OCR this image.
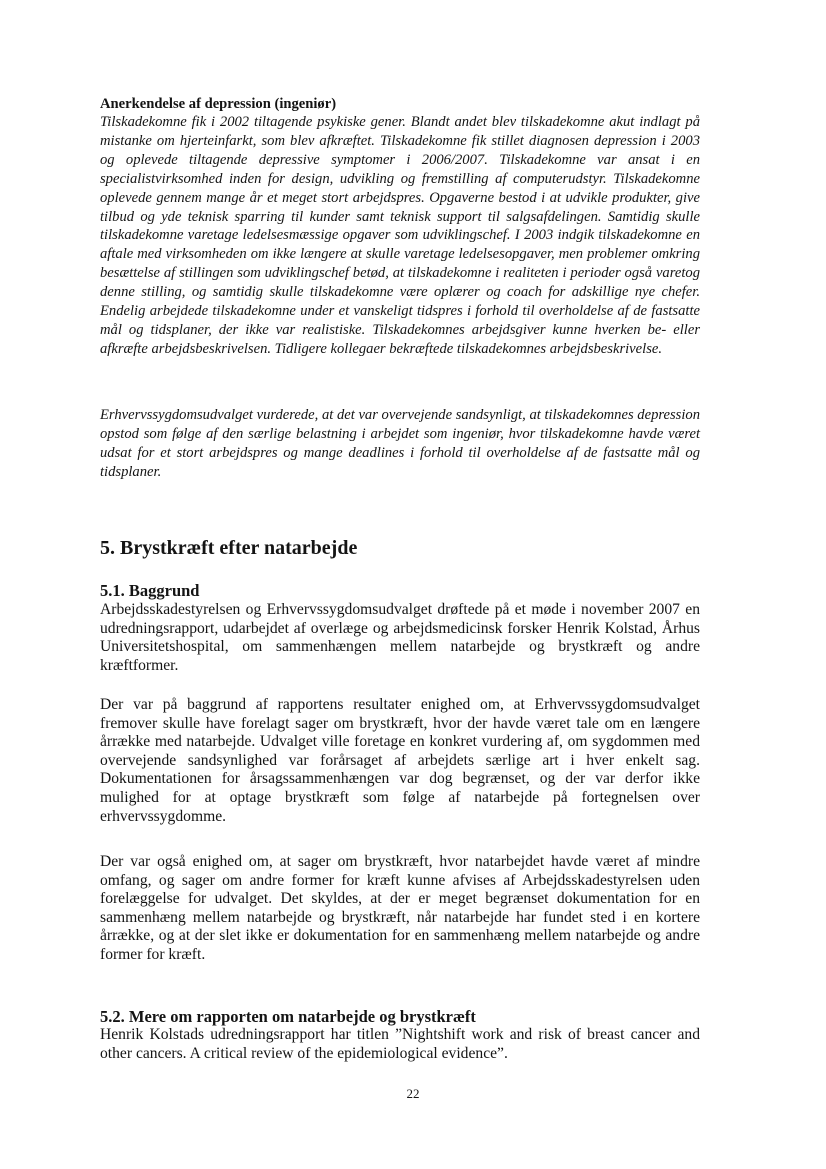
Anerkendelse af depression (ingeniør)

Tilskadekomne fik i 2002 tiltagende psykiske gener. Blandt andet blev tilskadekomne akut indlagt på mistanke om hjerteinfarkt, som blev afkræftet. Tilskadekomne fik stillet diagnosen depression i 2003 og oplevede tiltagende depressive symptomer i 2006/2007. Tilskadekomne var ansat i en specialistvirksomhed inden for design, udvikling og fremstilling af computerudstyr. Tilskadekomne oplevede gennem mange år et meget stort arbejdspres. Opgaverne bestod i at udvikle produkter, give tilbud og yde teknisk sparring til kunder samt teknisk support til salgsafdelingen. Samtidig skulle tilskadekomne varetage ledelsesmæssige opgaver som udviklingschef. I 2003 indgik tilskadekomne en aftale med virksomheden om ikke længere at skulle varetage ledelsesopgaver, men problemer omkring besættelse af stillingen som udviklingschef betød, at tilskadekomne i realiteten i perioder også varetog denne stilling, og samtidig skulle tilskadekomne være oplærer og coach for adskillige nye chefer. Endelig arbejdede tilskadekomne under et vanskeligt tidspres i forhold til overholdelse af de fastsatte mål og tidsplaner, der ikke var realistiske. Tilskadekomnes arbejdsgiver kunne hverken be- eller afkræfte arbejdsbeskrivelsen. Tidligere kollegaer bekræftede tilskadekomnes arbejdsbeskrivelse.

Erhvervssygdomsudvalget vurderede, at det var overvejende sandsynligt, at tilskadekomnes depression opstod som følge af den særlige belastning i arbejdet som ingeniør, hvor tilskadekomne havde været udsat for et stort arbejdspres og mange deadlines i forhold til overholdelse af de fastsatte mål og tidsplaner.

5. Brystkræft efter natarbejde
5.1. Baggrund

Arbejdsskadestyrelsen og Erhvervssygdomsudvalget drøftede på et møde i november 2007 en udredningsrapport, udarbejdet af overlæge og arbejdsmedicinsk forsker Henrik Kolstad, Århus Universitetshospital, om sammenhængen mellem natarbejde og brystkræft og andre kræftformer.

Der var på baggrund af rapportens resultater enighed om, at Erhvervssygdomsudvalget fremover skulle have forelagt sager om brystkræft, hvor der havde været tale om en længere årrække med natarbejde. Udvalget ville foretage en konkret vurdering af, om sygdommen med overvejende sandsynlighed var forårsaget af arbejdets særlige art i hver enkelt sag. Dokumentationen for årsagssammenhængen var dog begrænset, og der var derfor ikke mulighed for at optage brystkræft som følge af natarbejde på fortegnelsen over erhvervssygdomme.

Der var også enighed om, at sager om brystkræft, hvor natarbejdet havde været af mindre omfang, og sager om andre former for kræft kunne afvises af Arbejdsskadestyrelsen uden forelæggelse for udvalget. Det skyldes, at der er meget begrænset dokumentation for en sammenhæng mellem natarbejde og brystkræft, når natarbejde har fundet sted i en kortere årrække, og at der slet ikke er dokumentation for en sammenhæng mellem natarbejde og andre former for kræft.

5.2. Mere om rapporten om natarbejde og brystkræft

Henrik Kolstads udredningsrapport har titlen ”Nightshift work and risk of breast cancer and other cancers. A critical review of the epidemiological evidence”.

22
